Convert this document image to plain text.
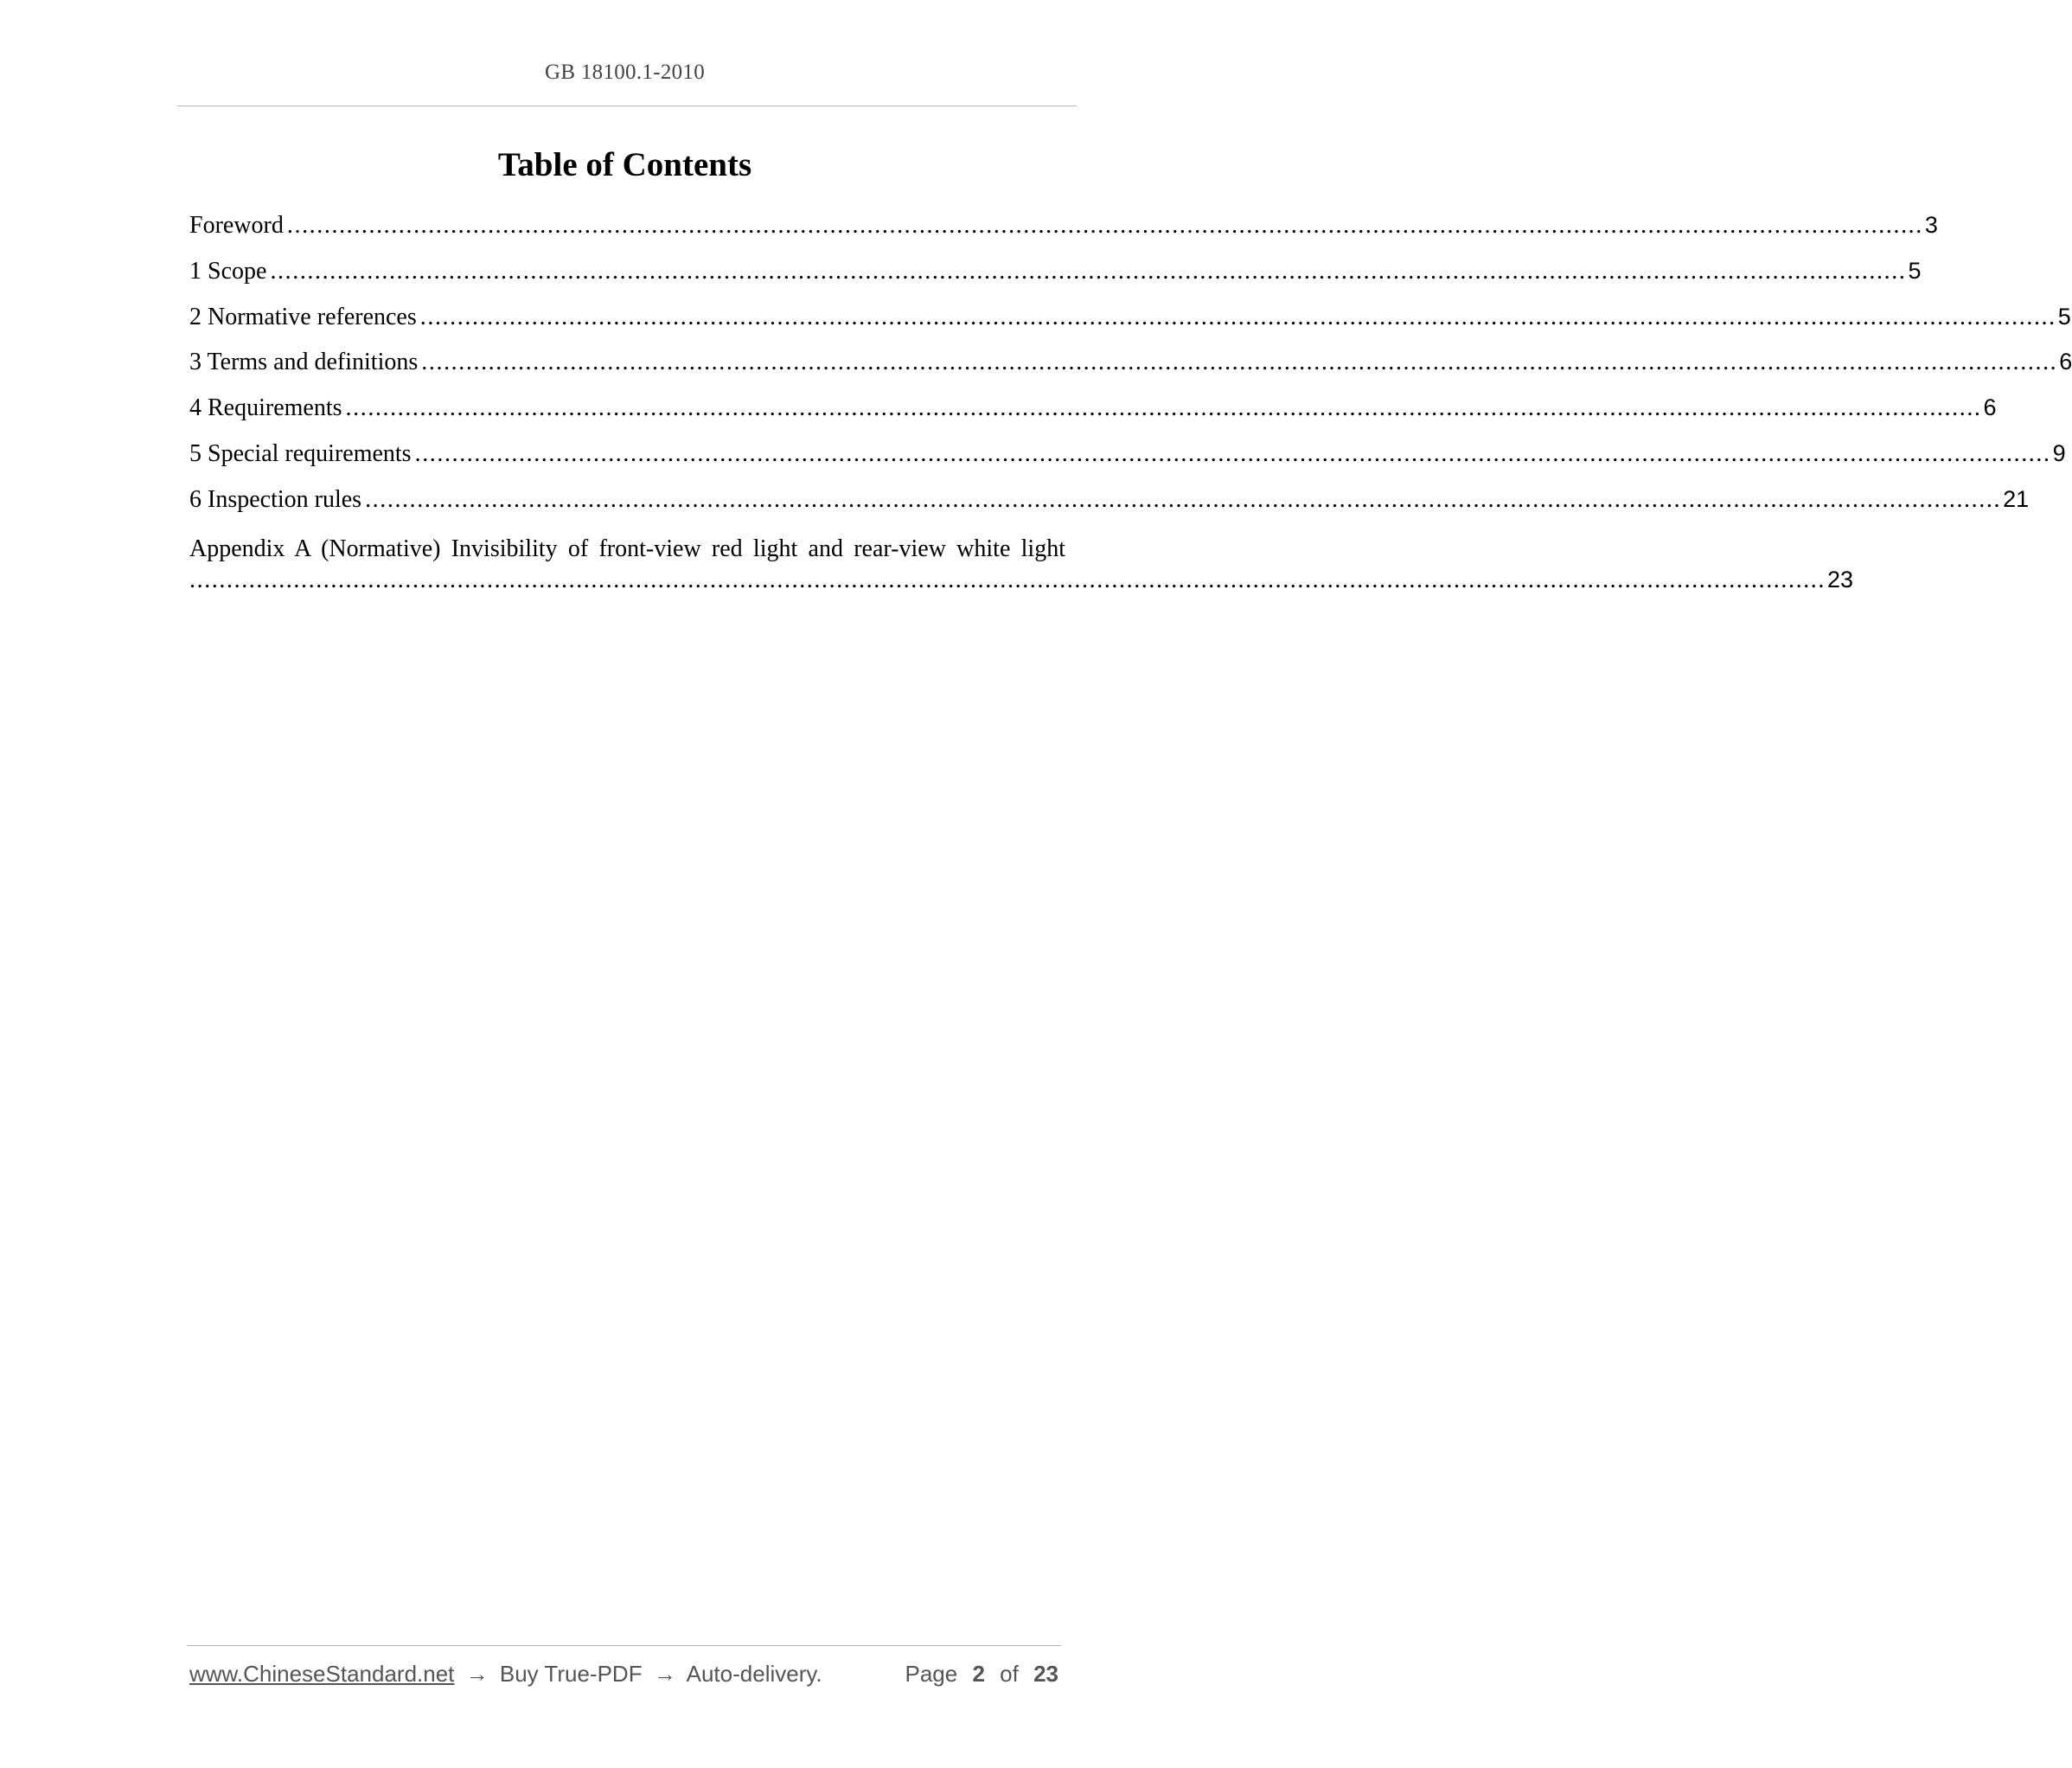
GB 18100.1-2010
Table of Contents
Foreword ............................................................................................................................................................................................................................ 3
1 Scope ............................................................................................................................................................................................................................ 5
2 Normative references ............................................................................................................................................................................................................................ 5
3 Terms and definitions ............................................................................................................................................................................................................................ 6
4 Requirements ............................................................................................................................................................................................................................ 6
5 Special requirements ............................................................................................................................................................................................................................ 9
6 Inspection rules ............................................................................................................................................................................................................................ 21
Appendix A (Normative) Invisibility of front-view red light and rear-view white light
............................................................................................................................................................................................................................ 23
www.ChineseStandard.net → Buy True-PDF → Auto-delivery.	Page 2 of 23
